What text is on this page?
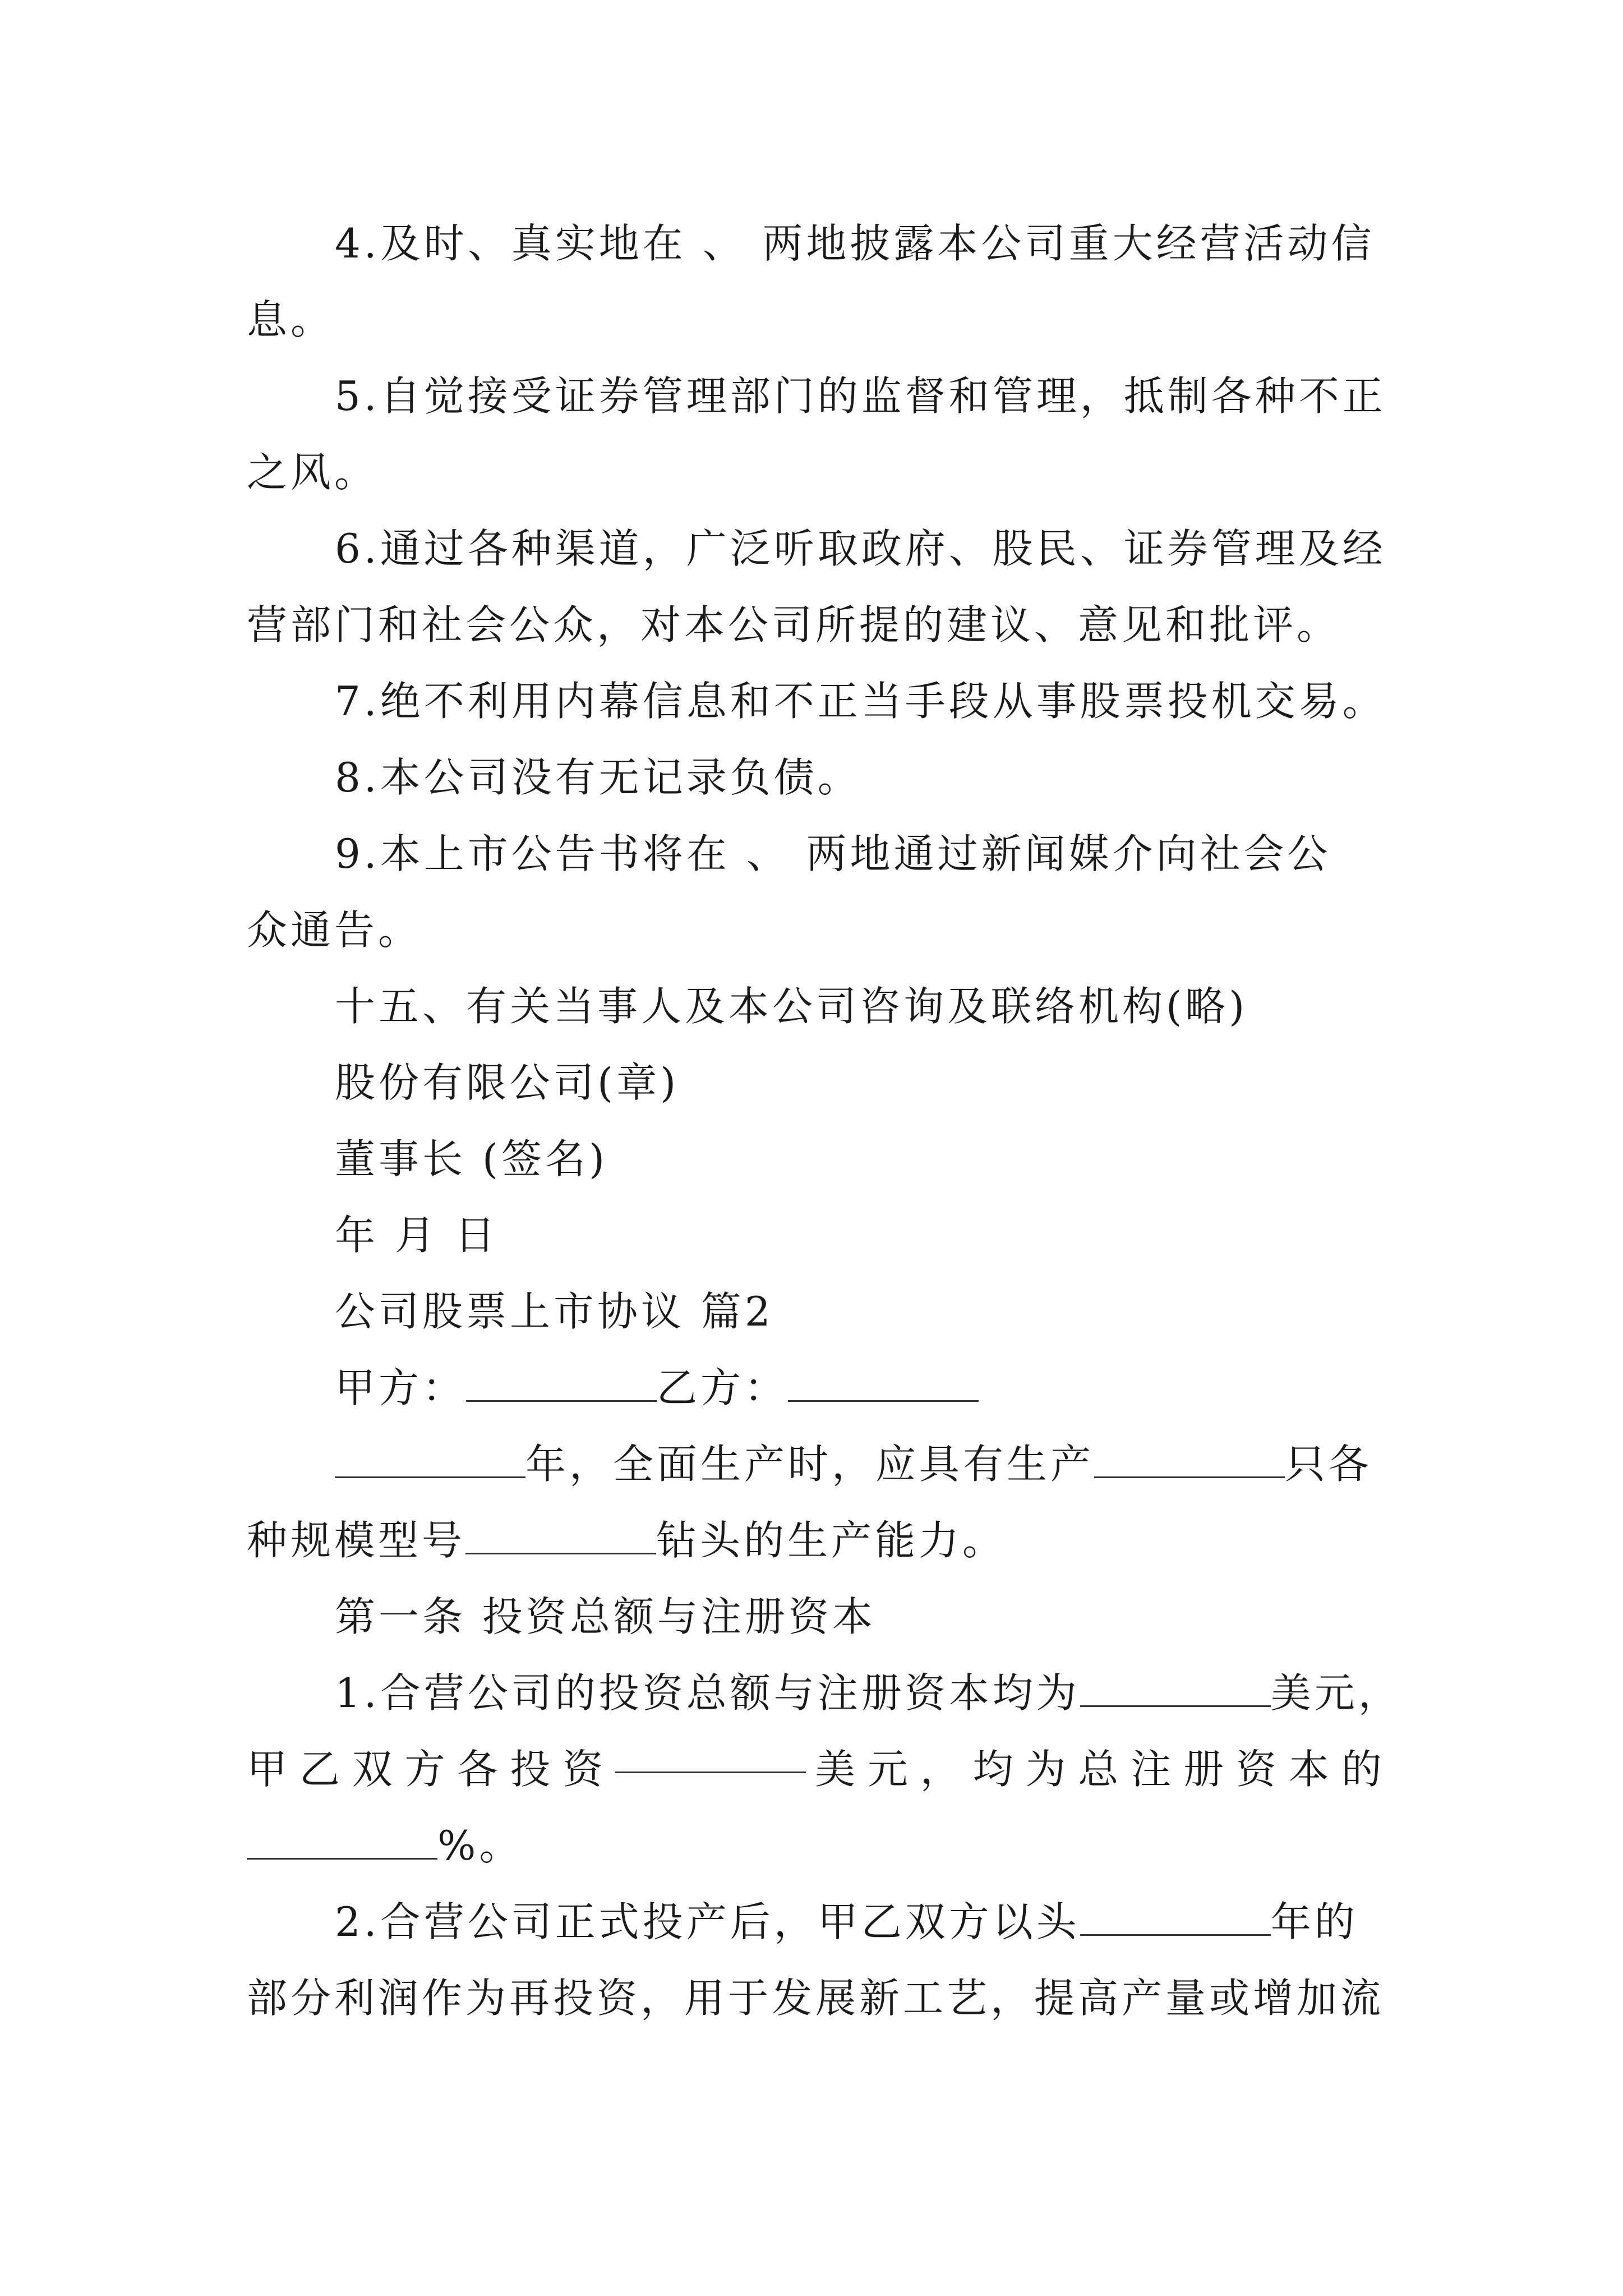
4.及时、真实地在 、 两地披露本公司重大经营活动信
息。
5.自觉接受证券管理部门的监督和管理，抵制各种不正
之风。
6.通过各种渠道，广泛听取政府、股民、证券管理及经
营部门和社会公众，对本公司所提的建议、意见和批评。
7.绝不利用内幕信息和不正当手段从事股票投机交易。
8.本公司没有无记录负债。
9.本上市公告书将在 、 两地通过新闻媒介向社会公
众通告。
十五、有关当事人及本公司咨询及联络机构(略)
股份有限公司(章)
董事长 (签名)
年 月 日
公司股票上市协议 篇2
甲方：	乙方：
年，全面生产时，应具有生产	只各
种规模型号	钻头的生产能力。
第一条 投资总额与注册资本
1.合营公司的投资总额与注册资本均为	美元，
甲 乙 双 方 各 投 资	美 元 ， 均 为 总 注 册 资 本 的
%。
2.合营公司正式投产后，甲乙双方以头	年的
部分利润作为再投资，用于发展新工艺，提高产量或增加流
